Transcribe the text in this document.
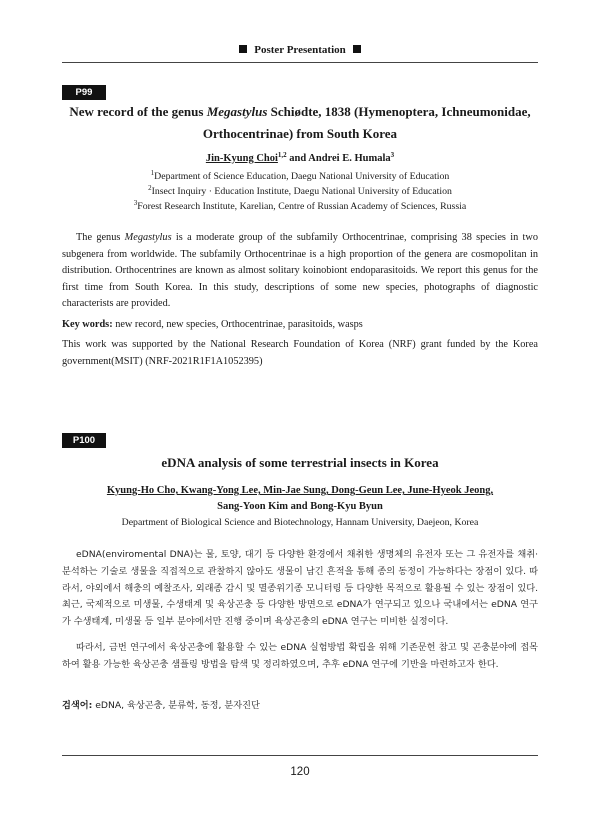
Poster Presentation
P99
New record of the genus Megastylus Schiødte, 1838 (Hymenoptera, Ichneumonidae,
Orthocentrinae) from South Korea
Jin-Kyung Choi$^{1,2}$ and Andrei E. Humala$^3$
$^1$Department of Science Education, Daegu National University of Education
$^2$Insect Inquiry · Education Institute, Daegu National University of Education
$^3$Forest Research Institute, Karelian, Centre of Russian Academy of Sciences, Russia

The genus Megastylus is a moderate group of the subfamily Orthocentrinae, comprising 38 species in two subgenera from worldwide. The subfamily Orthocentrinae is a high proportion of the genera are cosmopolitan in distribution. Orthocentrines are known as almost solitary koinobiont endoparasitoids. We report this genus for the first time from South Korea. In this study, descriptions of some new species, photographs of diagnostic characterists are provided.

Key words: new record, new species, Orthocentrinae, parasitoids, wasps

This work was supported by the National Research Foundation of Korea (NRF) grant funded by the Korea government(MSIT) (NRF-2021R1F1A1052395)

P100
eDNA analysis of some terrestrial insects in Korea
Kyung-Ho Cho, Kwang-Yong Lee, Min-Jae Sung, Dong-Geun Lee, June-Hyeok Jeong,
Sang-Yoon Kim and Bong-Kyu Byun
Department of Biological Science and Biotechnology, Hannam University, Daejeon, Korea

eDNA(enviromental DNA)는 물, 토양, 대기 등 다양한 환경에서 채취한 생명체의 유전자 또는 그 유전자를 채취·분석하는 기술로 생물을 직접적으로 관찰하지 않아도 생물이 남긴 흔적을 통해 종의 동정이 가능하다는 장점이 있다. 따라서, 야외에서 해충의 예찰조사, 외래종 감시 및 멸종위기종 모니터링 등 다양한 목적으로 활용될 수 있는 장점이 있다. 최근, 국제적으로 미생물, 수생태계 및 육상곤충 등 다양한 방면으로 eDNA가 연구되고 있으나 국내에서는 eDNA 연구가 수생태계, 미생물 등 일부 분야에서만 진행 중이며 육상곤충의 eDNA 연구는 미비한 실정이다.

따라서, 금번 연구에서 육상곤충에 활용할 수 있는 eDNA 실험방법 확립을 위해 기존문헌 참고 및 곤충분야에 접목하여 활용 가능한 육상곤충 샘플링 방법을 탐색 및 정리하였으며, 추후 eDNA 연구에 기반을 마련하고자 한다.

검색어: eDNA, 육상곤충, 분류학, 동정, 분자진단
120
